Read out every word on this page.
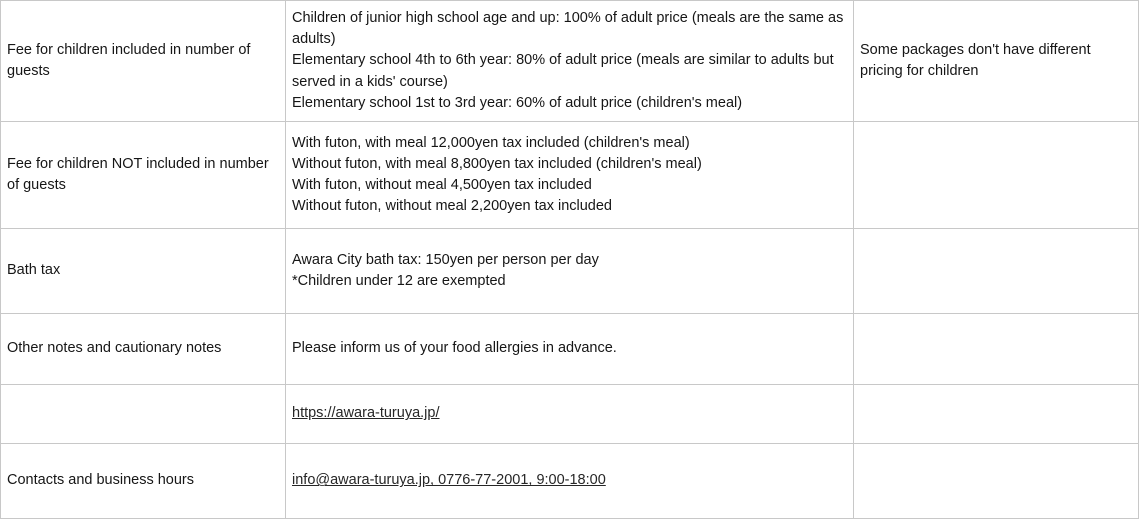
Fee for children included in number of guests	Children of junior high school age and up: 100% of adult price (meals are the same as adults)
Elementary school 4th to 6th year: 80% of adult price (meals are similar to adults but served in a kids' course)
Elementary school 1st to 3rd year: 60% of adult price (children's meal)	Some packages don't have different pricing for children
Fee for children NOT included in number of guests	With futon, with meal 12,000yen tax included (children's meal)
Without futon, with meal 8,800yen tax included (children's meal)
With futon, without meal 4,500yen tax included
Without futon, without meal 2,200yen tax included	

Bath tax	Awara City bath tax: 150yen per person per day
*Children under 12 are exempted	

Other notes and cautionary notes	Please inform us of your food allergies in advance.	

	https://awara-turuya.jp/	

Contacts and business hours	info@awara-turuya.jp, 0776-77-2001, 9:00-18:00	
